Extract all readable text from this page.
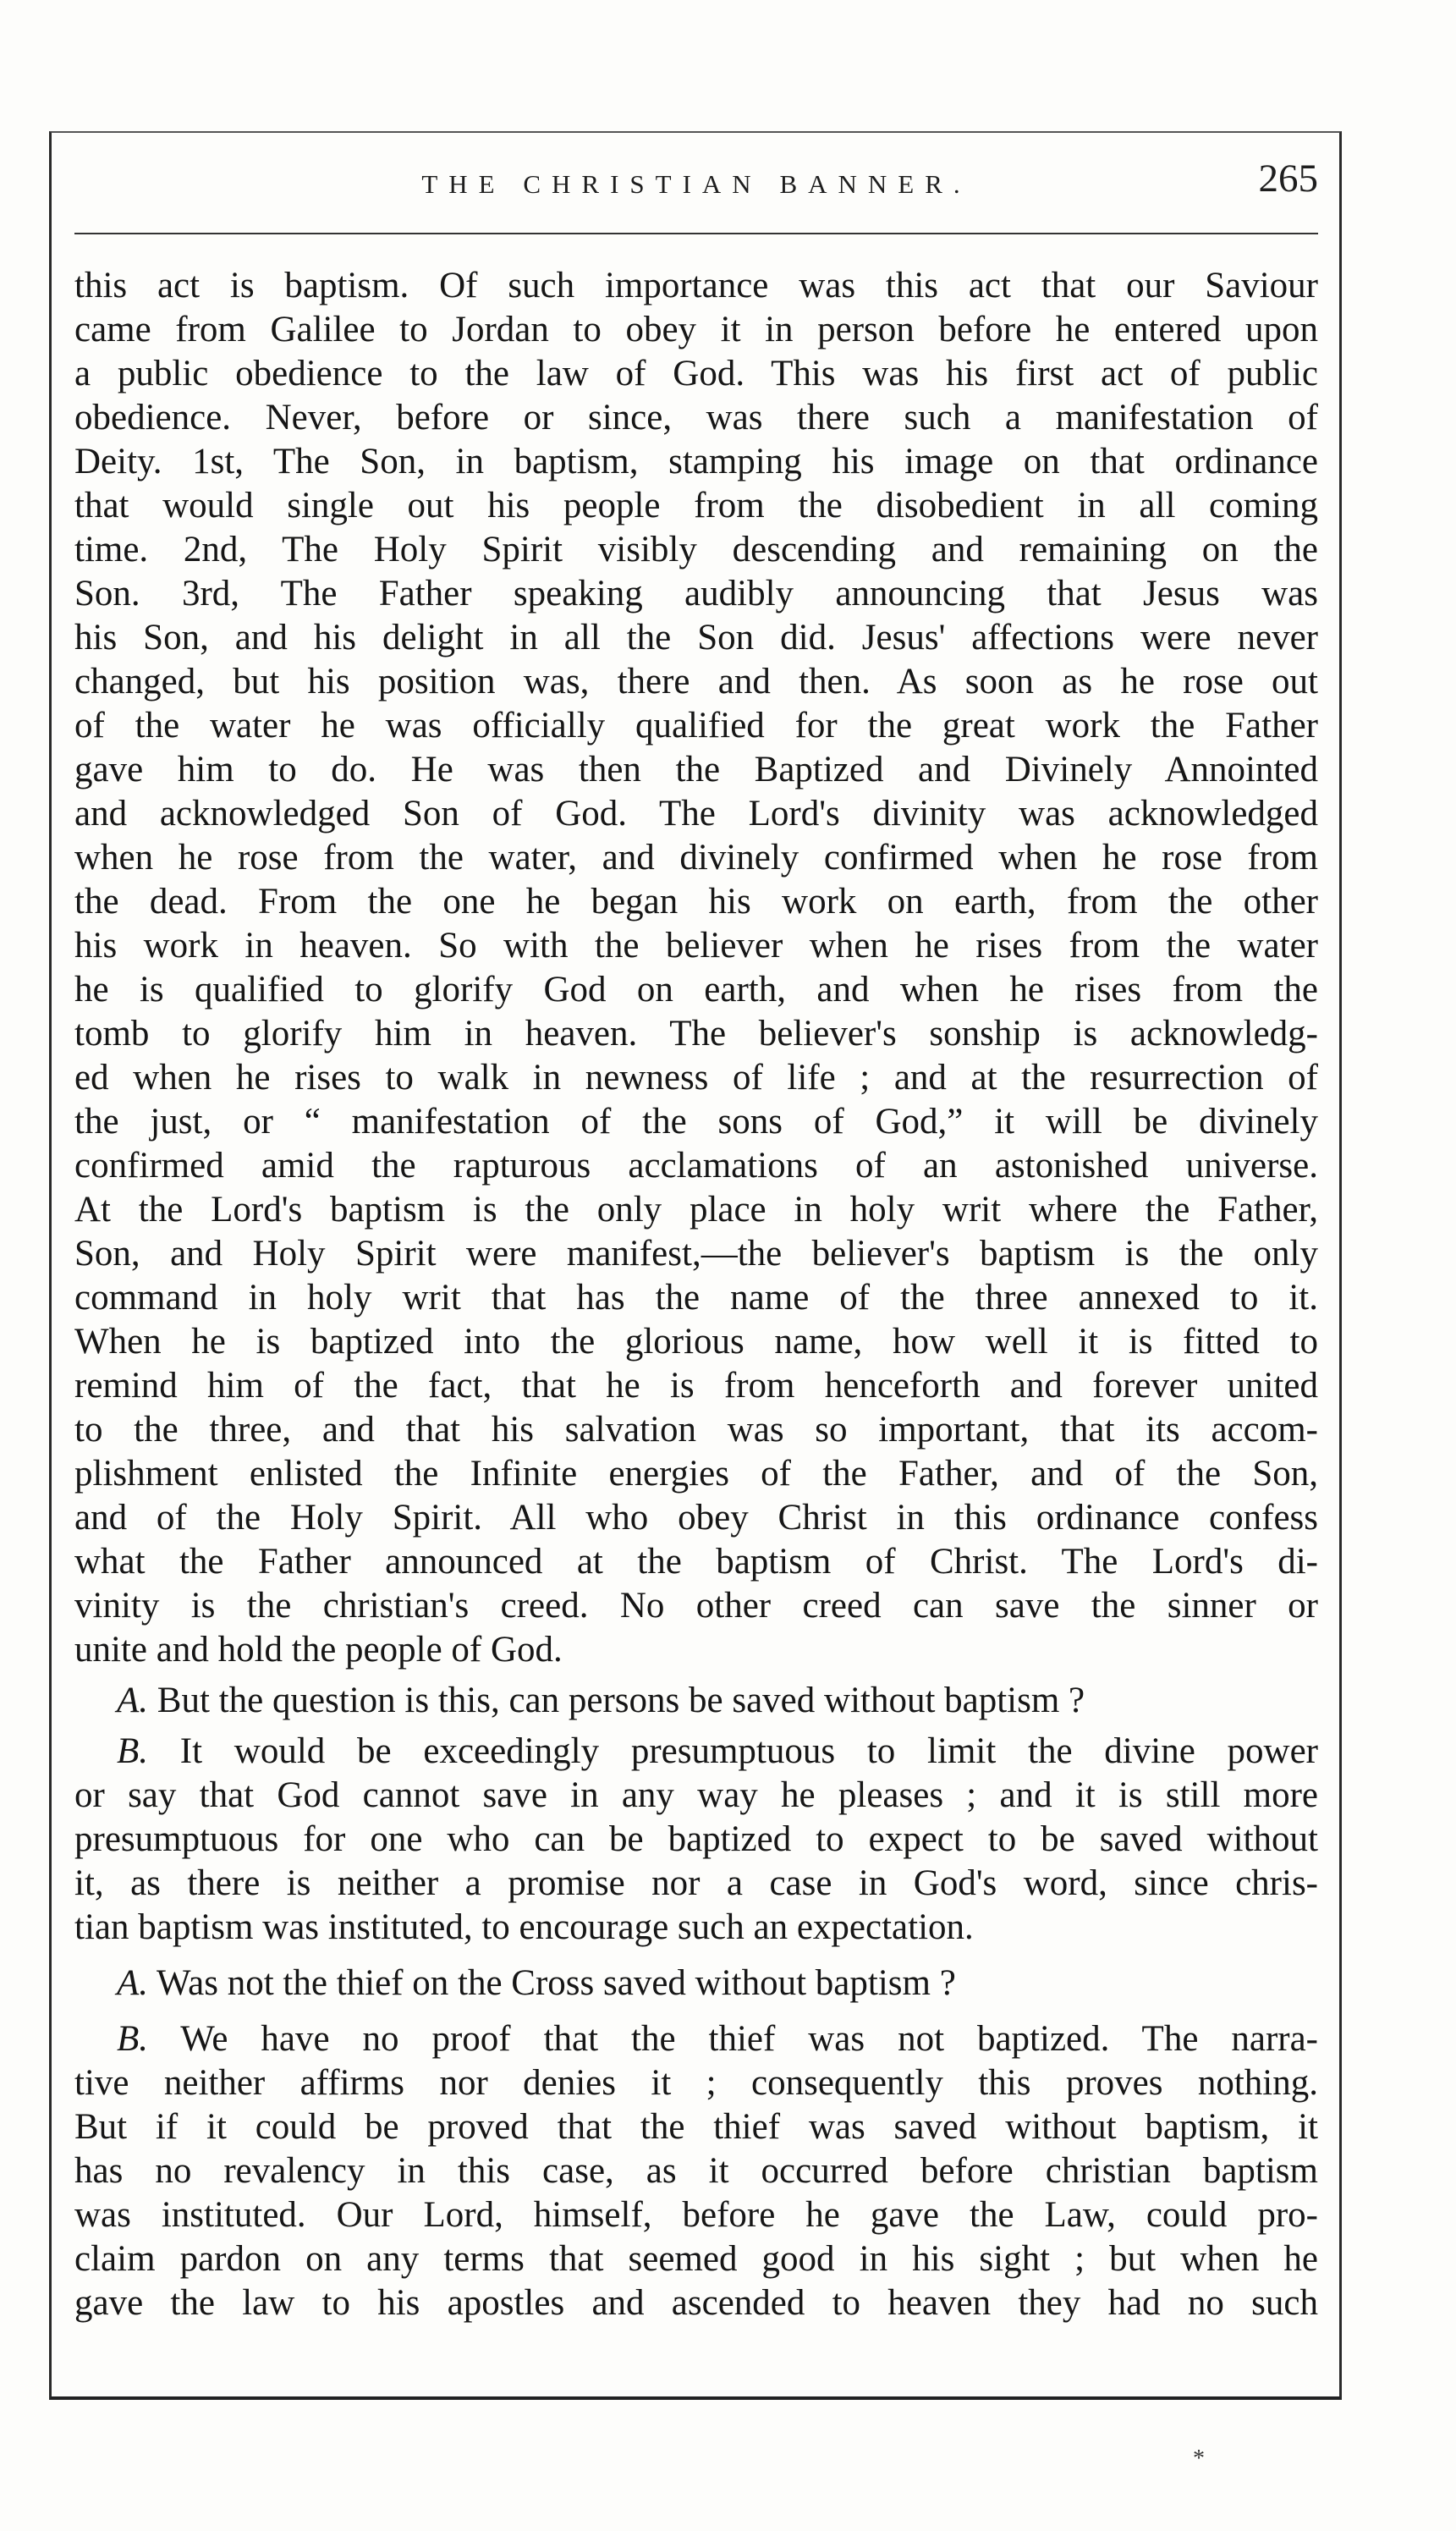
THE CHRISTIAN BANNER.	265
this act is baptism. Of such importance was this act that our Saviour
came from Galilee to Jordan to obey it in person before he entered upon
a public obedience to the law of God. This was his first act of public
obedience. Never, before or since, was there such a manifestation of
Deity. 1st, The Son, in baptism, stamping his image on that ordinance
that would single out his people from the disobedient in all coming
time. 2nd, The Holy Spirit visibly descending and remaining on the
Son. 3rd, The Father speaking audibly announcing that Jesus was
his Son, and his delight in all the Son did. Jesus' affections were never
changed, but his position was, there and then. As soon as he rose out
of the water he was officially qualified for the great work the Father
gave him to do. He was then the Baptized and Divinely Annointed
and acknowledged Son of God. The Lord's divinity was acknowledged
when he rose from the water, and divinely confirmed when he rose from
the dead. From the one he began his work on earth, from the other
his work in heaven. So with the believer when he rises from the water
he is qualified to glorify God on earth, and when he rises from the
tomb to glorify him in heaven. The believer's sonship is acknowledg-
ed when he rises to walk in newness of life ; and at the resurrection of
the just, or “ manifestation of the sons of God,” it will be divinely
confirmed amid the rapturous acclamations of an astonished universe.
At the Lord's baptism is the only place in holy writ where the Father,
Son, and Holy Spirit were manifest,—the believer's baptism is the only
command in holy writ that has the name of the three annexed to it.
When he is baptized into the glorious name, how well it is fitted to
remind him of the fact, that he is from henceforth and forever united
to the three, and that his salvation was so important, that its accom-
plishment enlisted the Infinite energies of the Father, and of the Son,
and of the Holy Spirit. All who obey Christ in this ordinance confess
what the Father announced at the baptism of Christ. The Lord's di-
vinity is the christian's creed. No other creed can save the sinner or
unite and hold the people of God.
A. But the question is this, can persons be saved without baptism ?
B. It would be exceedingly presumptuous to limit the divine power
or say that God cannot save in any way he pleases ; and it is still more
presumptuous for one who can be baptized to expect to be saved without
it, as there is neither a promise nor a case in God's word, since chris-
tian baptism was instituted, to encourage such an expectation.
A. Was not the thief on the Cross saved without baptism ?
B. We have no proof that the thief was not baptized. The narra-
tive neither affirms nor denies it ; consequently this proves nothing.
But if it could be proved that the thief was saved without baptism, it
has no revalency in this case, as it occurred before christian baptism
was instituted. Our Lord, himself, before he gave the Law, could pro-
claim pardon on any terms that seemed good in his sight ; but when he
gave the law to his apostles and ascended to heaven they had no such
*
